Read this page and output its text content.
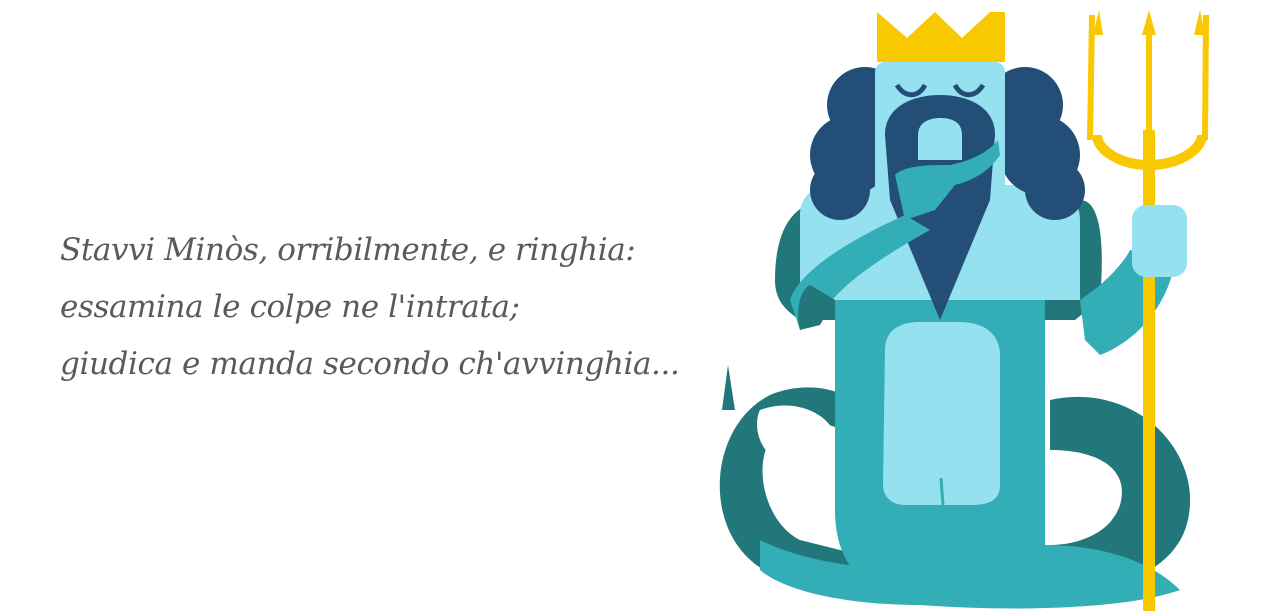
Stavvi Minòs, orribilmente, e ringhia:
essamina le colpe ne l'intrata;
giudica e manda secondo ch'avvinghia...
